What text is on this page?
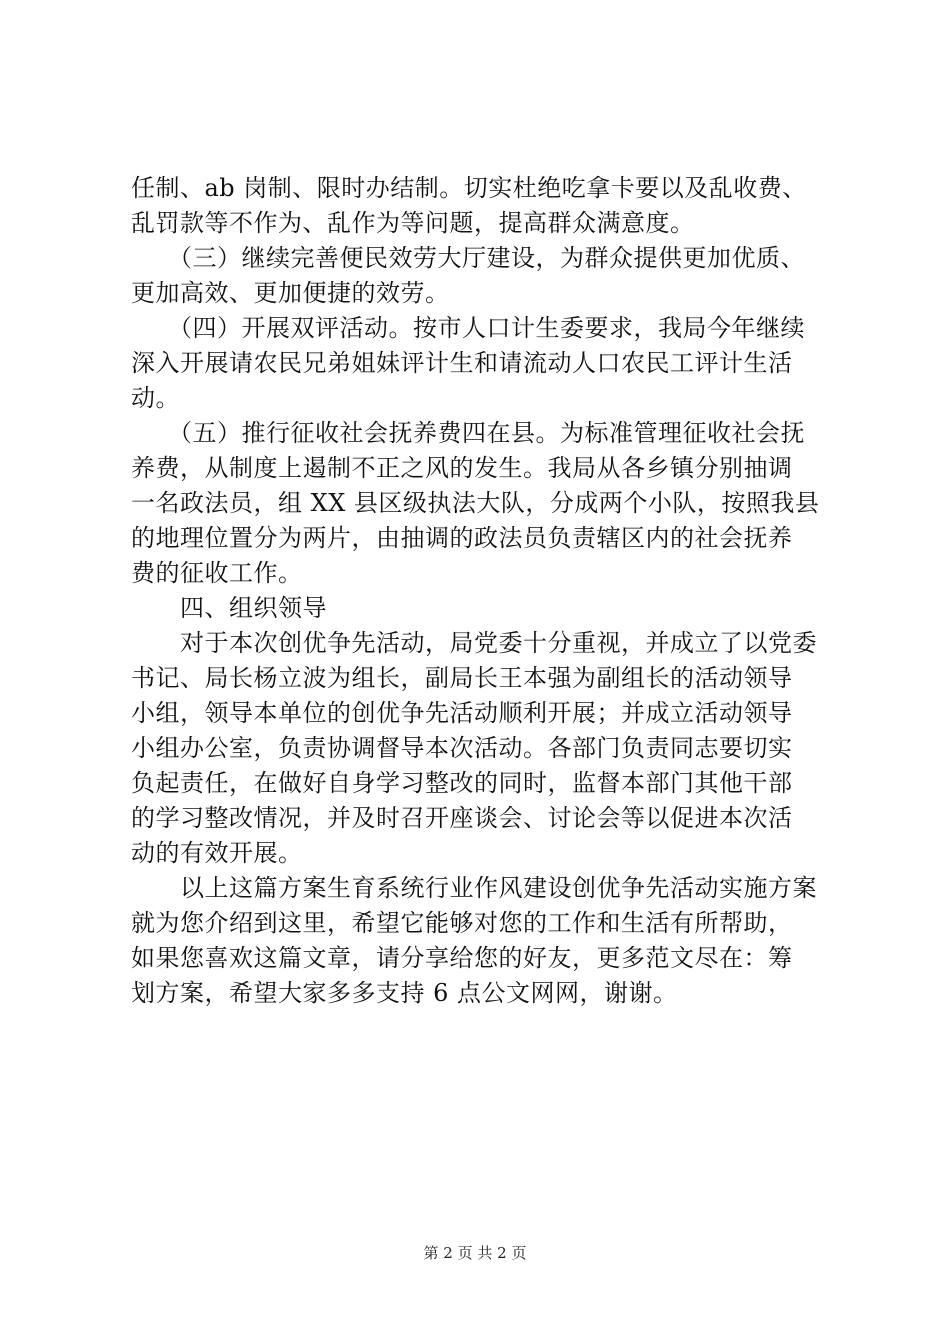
任制、ab 岗制、限时办结制。切实杜绝吃拿卡要以及乱收费、
乱罚款等不作为、乱作为等问题，提高群众满意度。
　　（三）继续完善便民效劳大厅建设，为群众提供更加优质、
更加高效、更加便捷的效劳。
　　（四）开展双评活动。按市人口计生委要求，我局今年继续
深入开展请农民兄弟姐妹评计生和请流动人口农民工评计生活
动。
　　（五）推行征收社会抚养费四在县。为标准管理征收社会抚
养费，从制度上遏制不正之风的发生。我局从各乡镇分别抽调
一名政法员，组 XX 县区级执法大队，分成两个小队，按照我县
的地理位置分为两片，由抽调的政法员负责辖区内的社会抚养
费的征收工作。
　　四、组织领导
　　对于本次创优争先活动，局党委十分重视，并成立了以党委
书记、局长杨立波为组长，副局长王本强为副组长的活动领导
小组，领导本单位的创优争先活动顺利开展；并成立活动领导
小组办公室，负责协调督导本次活动。各部门负责同志要切实
负起责任，在做好自身学习整改的同时，监督本部门其他干部
的学习整改情况，并及时召开座谈会、讨论会等以促进本次活
动的有效开展。
　　以上这篇方案生育系统行业作风建设创优争先活动实施方案
就为您介绍到这里，希望它能够对您的工作和生活有所帮助，
如果您喜欢这篇文章，请分享给您的好友，更多范文尽在：筹
划方案，希望大家多多支持 6 点公文网网，谢谢。
第 2 页 共 2 页
